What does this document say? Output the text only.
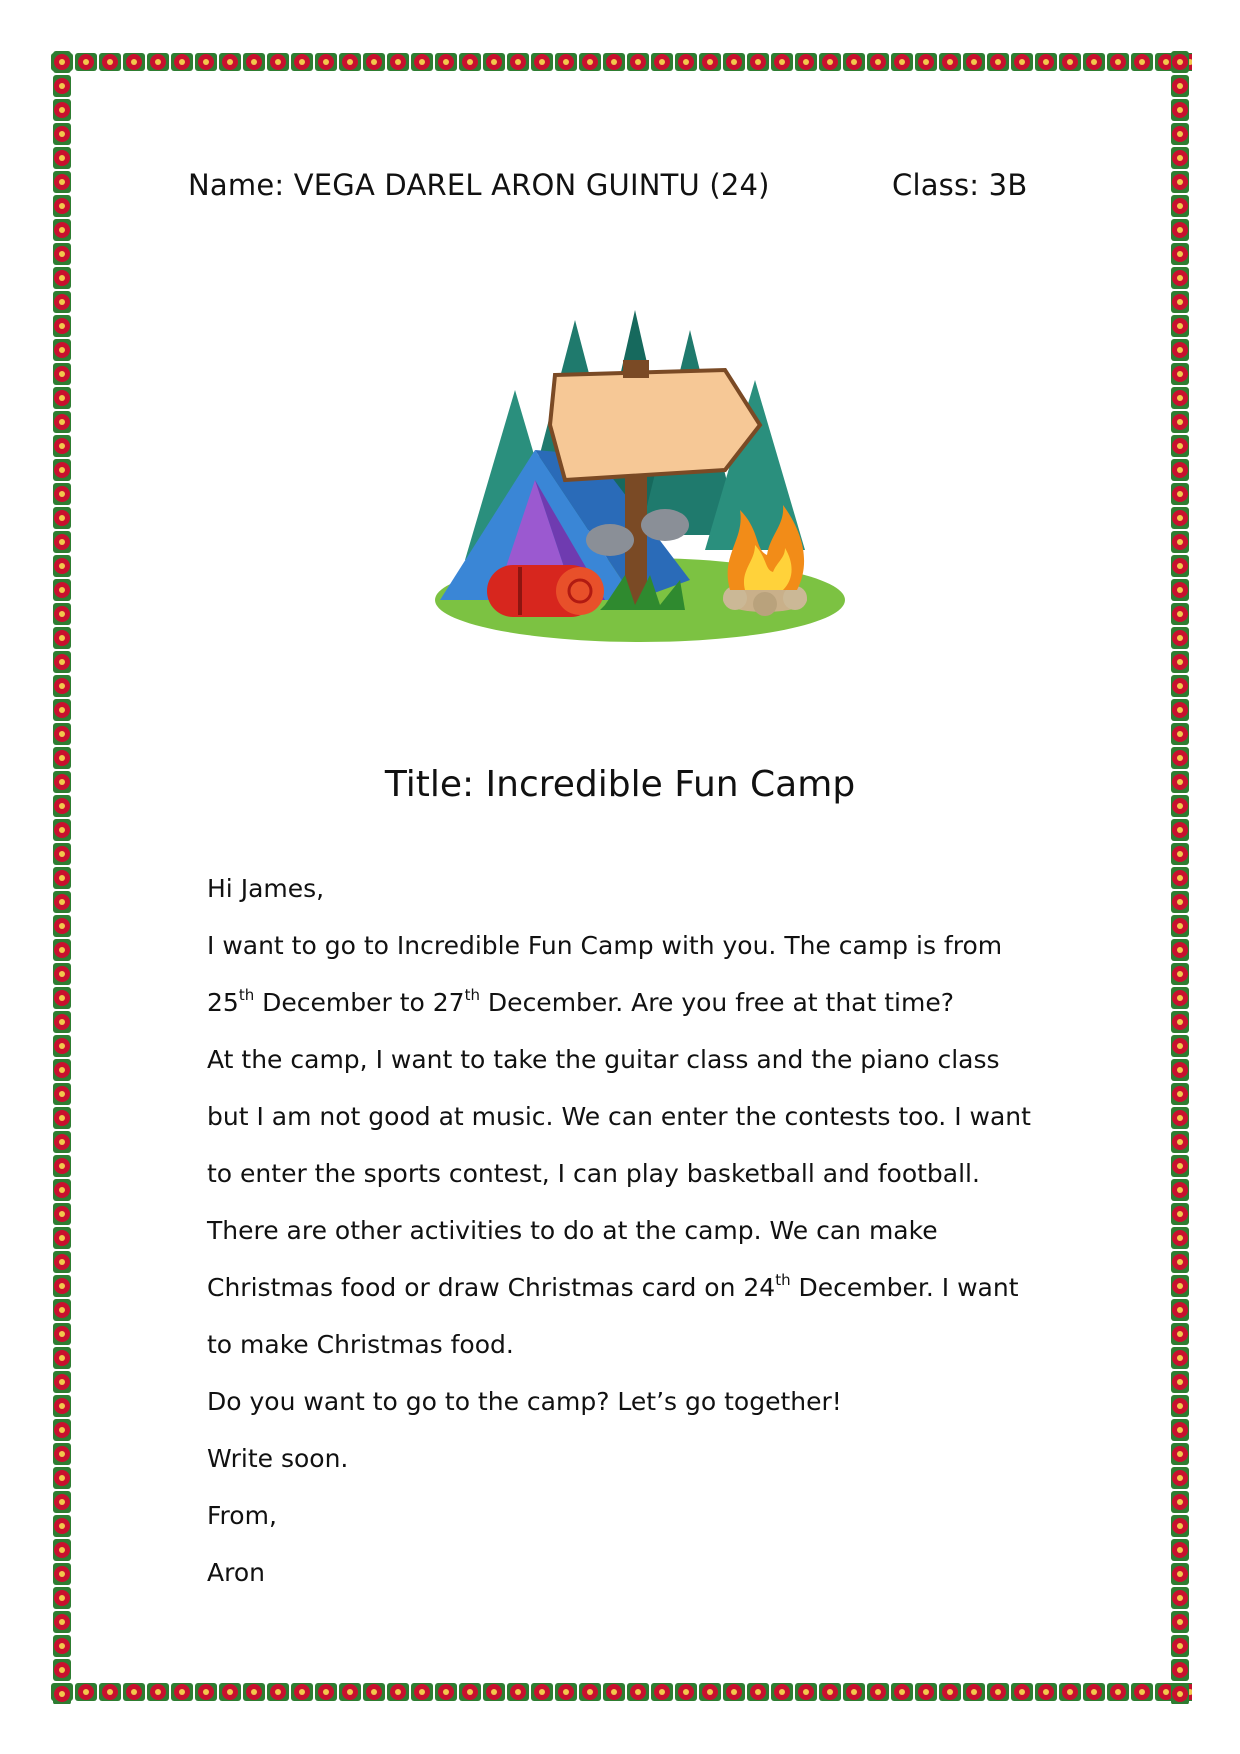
Name: VEGA DAREL ARON GUINTU (24)	Class: 3B
Title: Incredible Fun Camp
Hi James,
I want to go to Incredible Fun Camp with you. The camp is from
25th December to 27th December. Are you free at that time?
At the camp, I want to take the guitar class and the piano class
but I am not good at music. We can enter the contests too. I want
to enter the sports contest, I can play basketball and football.
There are other activities to do at the camp. We can make
Christmas food or draw Christmas card on 24th December. I want
to make Christmas food.
Do you want to go to the camp? Let’s go together!
Write soon.
From,
Aron
